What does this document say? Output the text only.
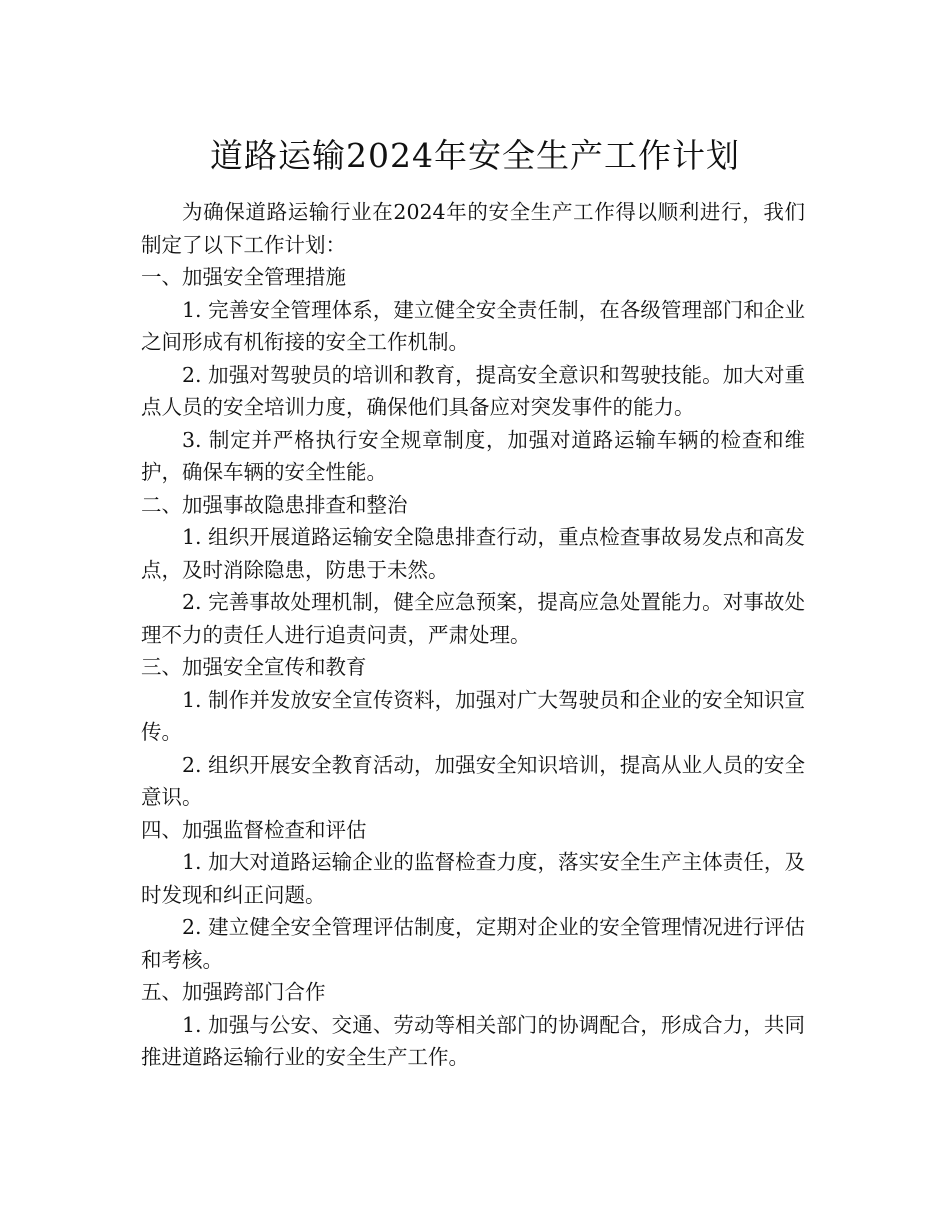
道路运输2024年安全生产工作计划

为确保道路运输行业在2024年的安全生产工作得以顺利进行，我们制定了以下工作计划：

一、加强安全管理措施

1. 完善安全管理体系，建立健全安全责任制，在各级管理部门和企业之间形成有机衔接的安全工作机制。

2. 加强对驾驶员的培训和教育，提高安全意识和驾驶技能。加大对重点人员的安全培训力度，确保他们具备应对突发事件的能力。

3. 制定并严格执行安全规章制度，加强对道路运输车辆的检查和维护，确保车辆的安全性能。

二、加强事故隐患排查和整治

1. 组织开展道路运输安全隐患排查行动，重点检查事故易发点和高发点，及时消除隐患，防患于未然。

2. 完善事故处理机制，健全应急预案，提高应急处置能力。对事故处理不力的责任人进行追责问责，严肃处理。

三、加强安全宣传和教育

1. 制作并发放安全宣传资料，加强对广大驾驶员和企业的安全知识宣传。

2. 组织开展安全教育活动，加强安全知识培训，提高从业人员的安全意识。

四、加强监督检查和评估

1. 加大对道路运输企业的监督检查力度，落实安全生产主体责任，及时发现和纠正问题。

2. 建立健全安全管理评估制度，定期对企业的安全管理情况进行评估和考核。

五、加强跨部门合作

1. 加强与公安、交通、劳动等相关部门的协调配合，形成合力，共同推进道路运输行业的安全生产工作。
